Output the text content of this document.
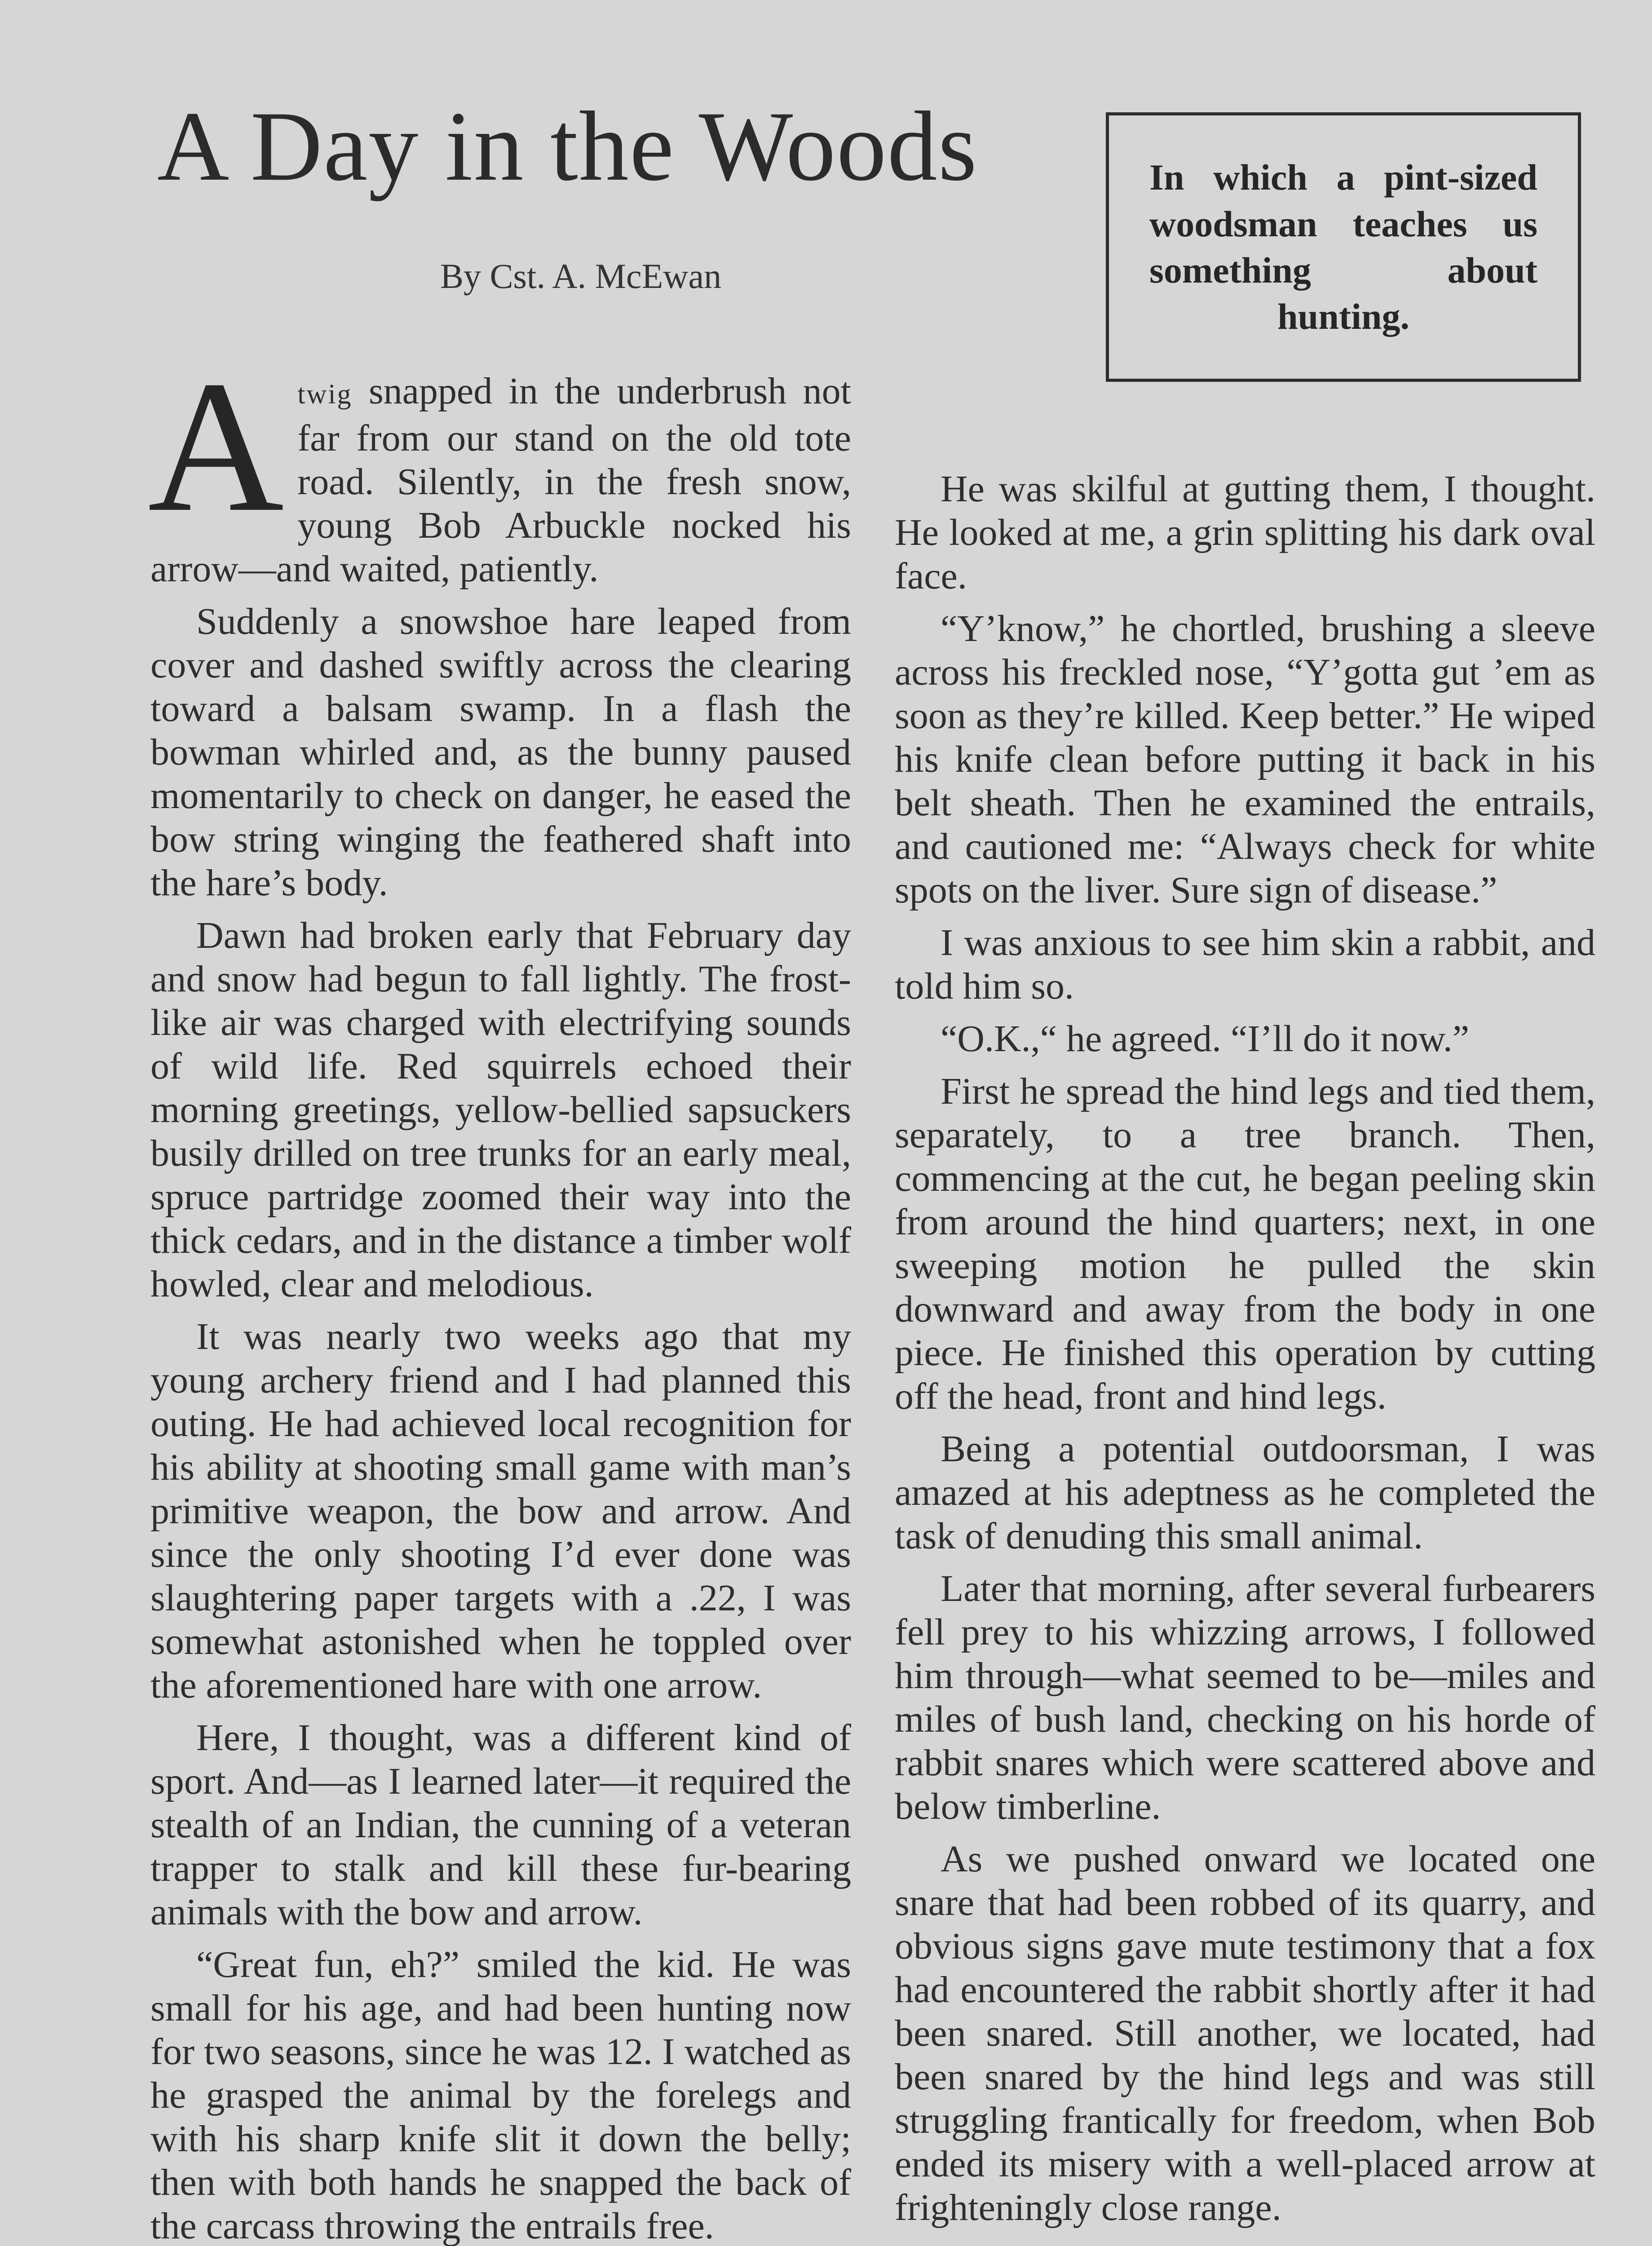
A Day in the Woods
By Cst. A. McEwan
In which a pint-sized woodsman teaches us something about hunting.

Atwig snapped in the underbrush not far from our stand on the old tote road. Silently, in the fresh snow, young Bob Arbuckle nocked his arrow—and waited, patiently.

Suddenly a snowshoe hare leaped from cover and dashed swiftly across the clearing toward a balsam swamp. In a flash the bowman whirled and, as the bunny paused momentarily to check on danger, he eased the bow string winging the feathered shaft into the hare’s body.

Dawn had broken early that February day and snow had begun to fall lightly. The frost-like air was charged with electrifying sounds of wild life. Red squirrels echoed their morning greetings, yellow-bellied sapsuckers busily drilled on tree trunks for an early meal, spruce partridge zoomed their way into the thick cedars, and in the distance a timber wolf howled, clear and melodious.

It was nearly two weeks ago that my young archery friend and I had planned this outing. He had achieved local recognition for his ability at shooting small game with man’s primitive weapon, the bow and arrow. And since the only shooting I’d ever done was slaughtering paper targets with a .22, I was somewhat astonished when he toppled over the aforementioned hare with one arrow.

Here, I thought, was a different kind of sport. And—as I learned later—it required the stealth of an Indian, the cunning of a veteran trapper to stalk and kill these fur-bearing animals with the bow and arrow.

“Great fun, eh?” smiled the kid. He was small for his age, and had been hunting now for two seasons, since he was 12. I watched as he grasped the animal by the forelegs and with his sharp knife slit it down the belly; then with both hands he snapped the back of the carcass throwing the entrails free.

He was skilful at gutting them, I thought. He looked at me, a grin splitting his dark oval face.

“Y’know,” he chortled, brushing a sleeve across his freckled nose, “Y’gotta gut ’em as soon as they’re killed. Keep better.” He wiped his knife clean before putting it back in his belt sheath. Then he examined the entrails, and cautioned me: “Always check for white spots on the liver. Sure sign of disease.”

I was anxious to see him skin a rabbit, and told him so.

“O.K.,“ he agreed. “I’ll do it now.”

First he spread the hind legs and tied them, separately, to a tree branch. Then, commencing at the cut, he began peeling skin from around the hind quarters; next, in one sweeping motion he pulled the skin downward and away from the body in one piece. He finished this operation by cutting off the head, front and hind legs.

Being a potential outdoorsman, I was amazed at his adeptness as he completed the task of denuding this small animal.

Later that morning, after several furbearers fell prey to his whizzing arrows, I followed him through—what seemed to be—miles and miles of bush land, checking on his horde of rabbit snares which were scattered above and below timberline.

As we pushed onward we located one snare that had been robbed of its quarry, and obvious signs gave mute testimony that a fox had encountered the rabbit shortly after it had been snared. Still another, we located, had been snared by the hind legs and was still struggling frantically for freedom, when Bob ended its misery with a well-placed arrow at frighteningly close range.
